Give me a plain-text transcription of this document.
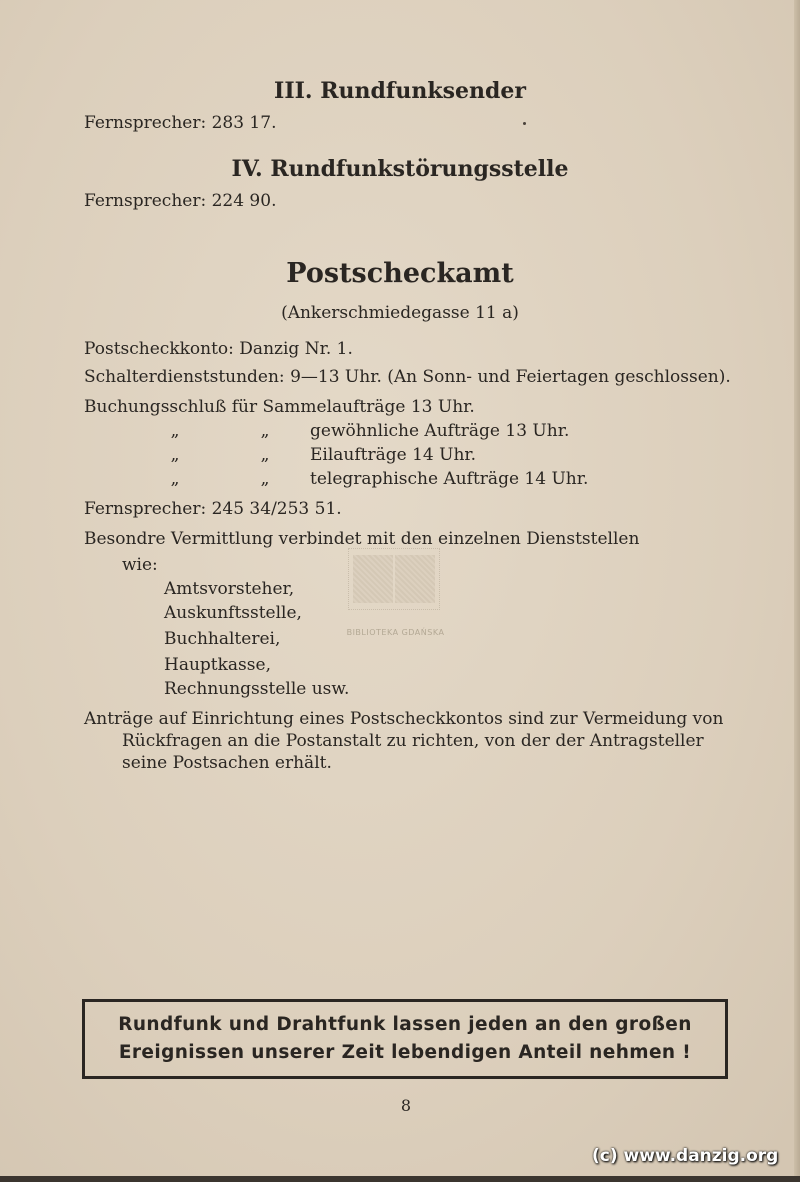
III. Rundfunksender
Fernsprecher: 283 17.
IV. Rundfunkstörungsstelle
Fernsprecher: 224 90.
Postscheckamt
(Ankerschmiedegasse 11 a)
Postscheckkonto: Danzig Nr. 1.
Schalterdienststunden: 9—13 Uhr. (An Sonn- und Feiertagen geschlossen).
Buchungsschluß für Sammelaufträge 13 Uhr.
„	„ gewöhnliche Aufträge 13 Uhr.
„	„ Eilaufträge 14 Uhr.
„	„ telegraphische Aufträge 14 Uhr.
Fernsprecher: 245 34/253 51.
Besondre Vermittlung verbindet mit den einzelnen Dienststellen
wie:
BIBLIOTEKA GDAŃSKA
Amtsvorsteher,
Auskunftsstelle,
Buchhalterei,
Hauptkasse,
Rechnungsstelle usw.
Anträge auf Einrichtung eines Postscheckkontos sind zur Vermeidung von
Rückfragen an die Postanstalt zu richten, von der der Antragsteller
seine Postsachen erhält.
Rundfunk und Drahtfunk lassen jeden an den großen
Ereignissen unserer Zeit lebendigen Anteil nehmen !
8
(c) www.danzig.org
